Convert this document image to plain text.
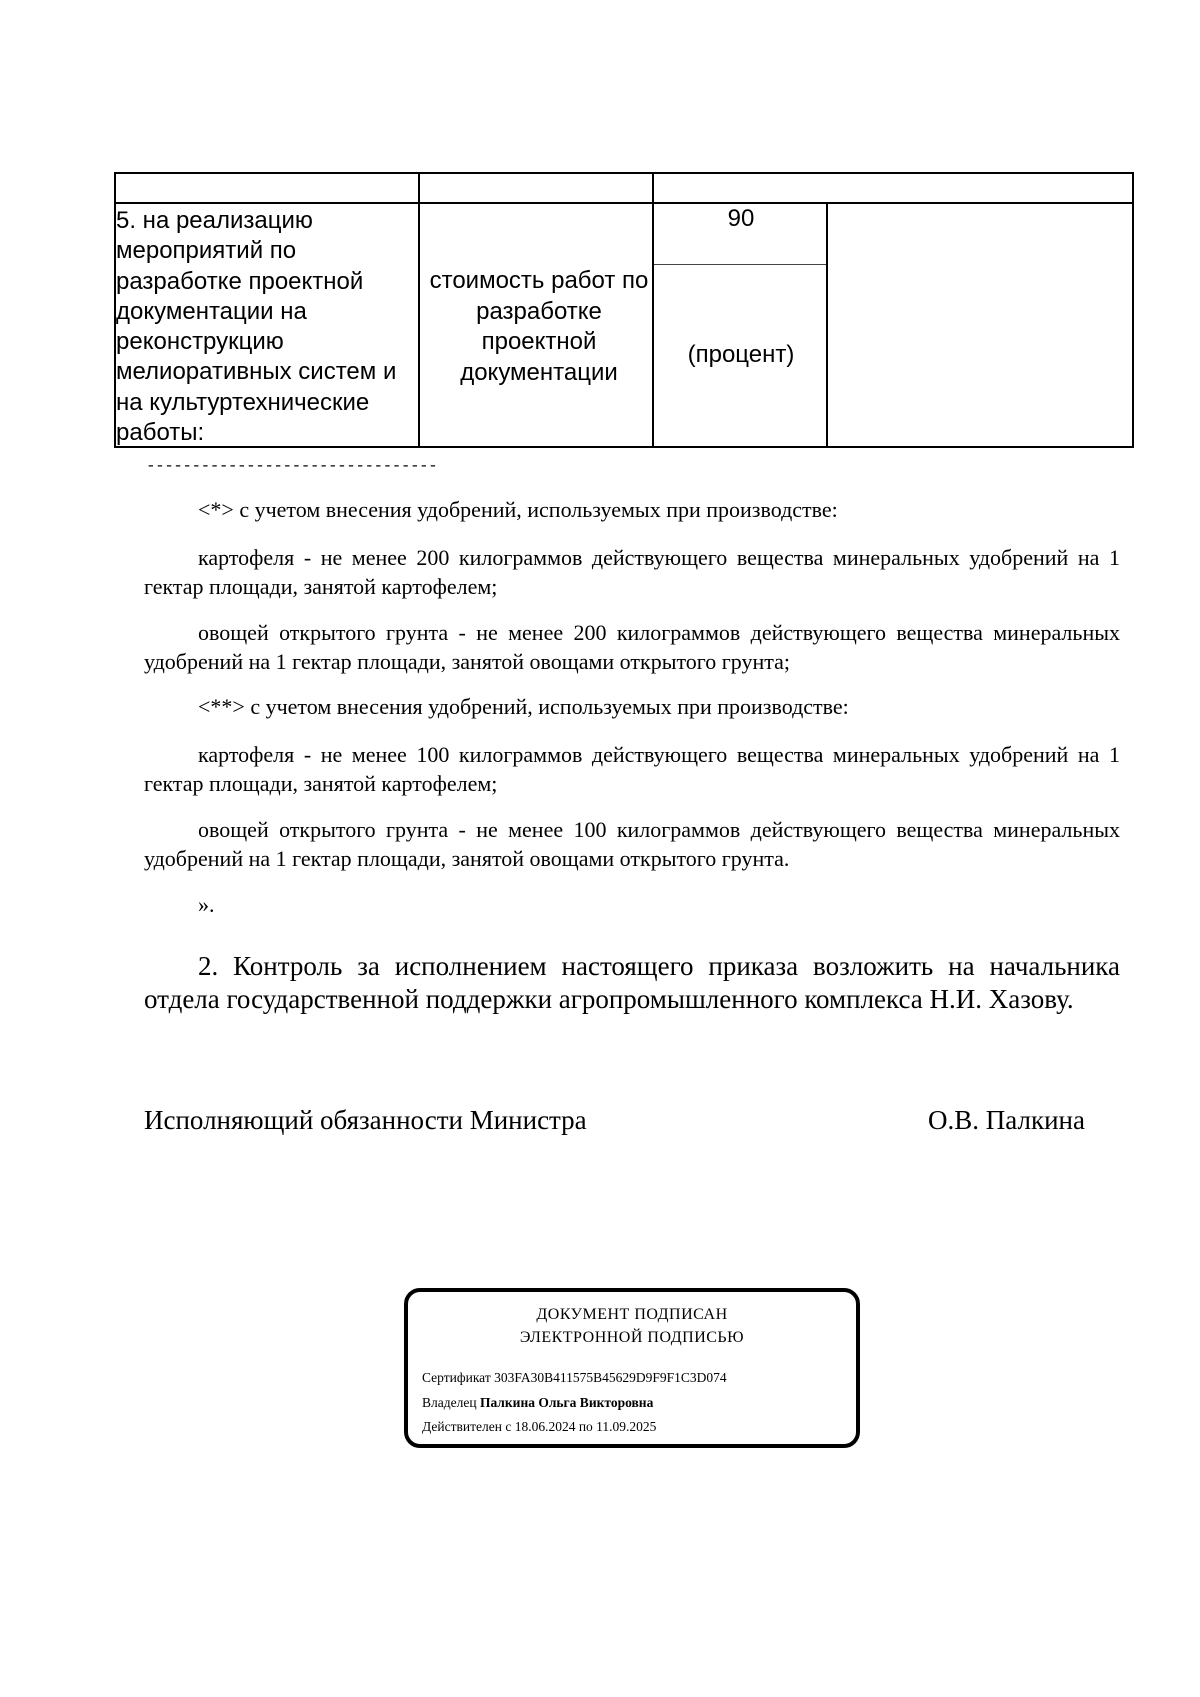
5. на реализацию мероприятий по разработке проектной документации на реконструкцию мелиоративных систем и на культуртехнические работы:
стоимость работ по разработке проектной документации
90
(процент)
--------------------------------
<*> с учетом внесения удобрений, используемых при производстве:
картофеля - не менее 200 килограммов действующего вещества минеральных удобрений на 1 гектар площади, занятой картофелем;
овощей открытого грунта - не менее 200 килограммов действующего вещества минеральных удобрений на 1 гектар площади, занятой овощами открытого грунта;
<**> с учетом внесения удобрений, используемых при производстве:
картофеля - не менее 100 килограммов действующего вещества минеральных удобрений на 1 гектар площади, занятой картофелем;
овощей открытого грунта - не менее 100 килограммов действующего вещества минеральных удобрений на 1 гектар площади, занятой овощами открытого грунта.
».
2. Контроль за исполнением настоящего приказа возложить на начальника отдела государственной поддержки агропромышленного комплекса Н.И. Хазову.
Исполняющий обязанности Министра	О.В. Палкина
ДОКУМЕНТ ПОДПИСАН
ЭЛЕКТРОННОЙ ПОДПИСЬЮ
Сертификат 303FA30B411575B45629D9F9F1C3D074
Владелец Палкина Ольга Викторовна
Действителен с 18.06.2024 по 11.09.2025
